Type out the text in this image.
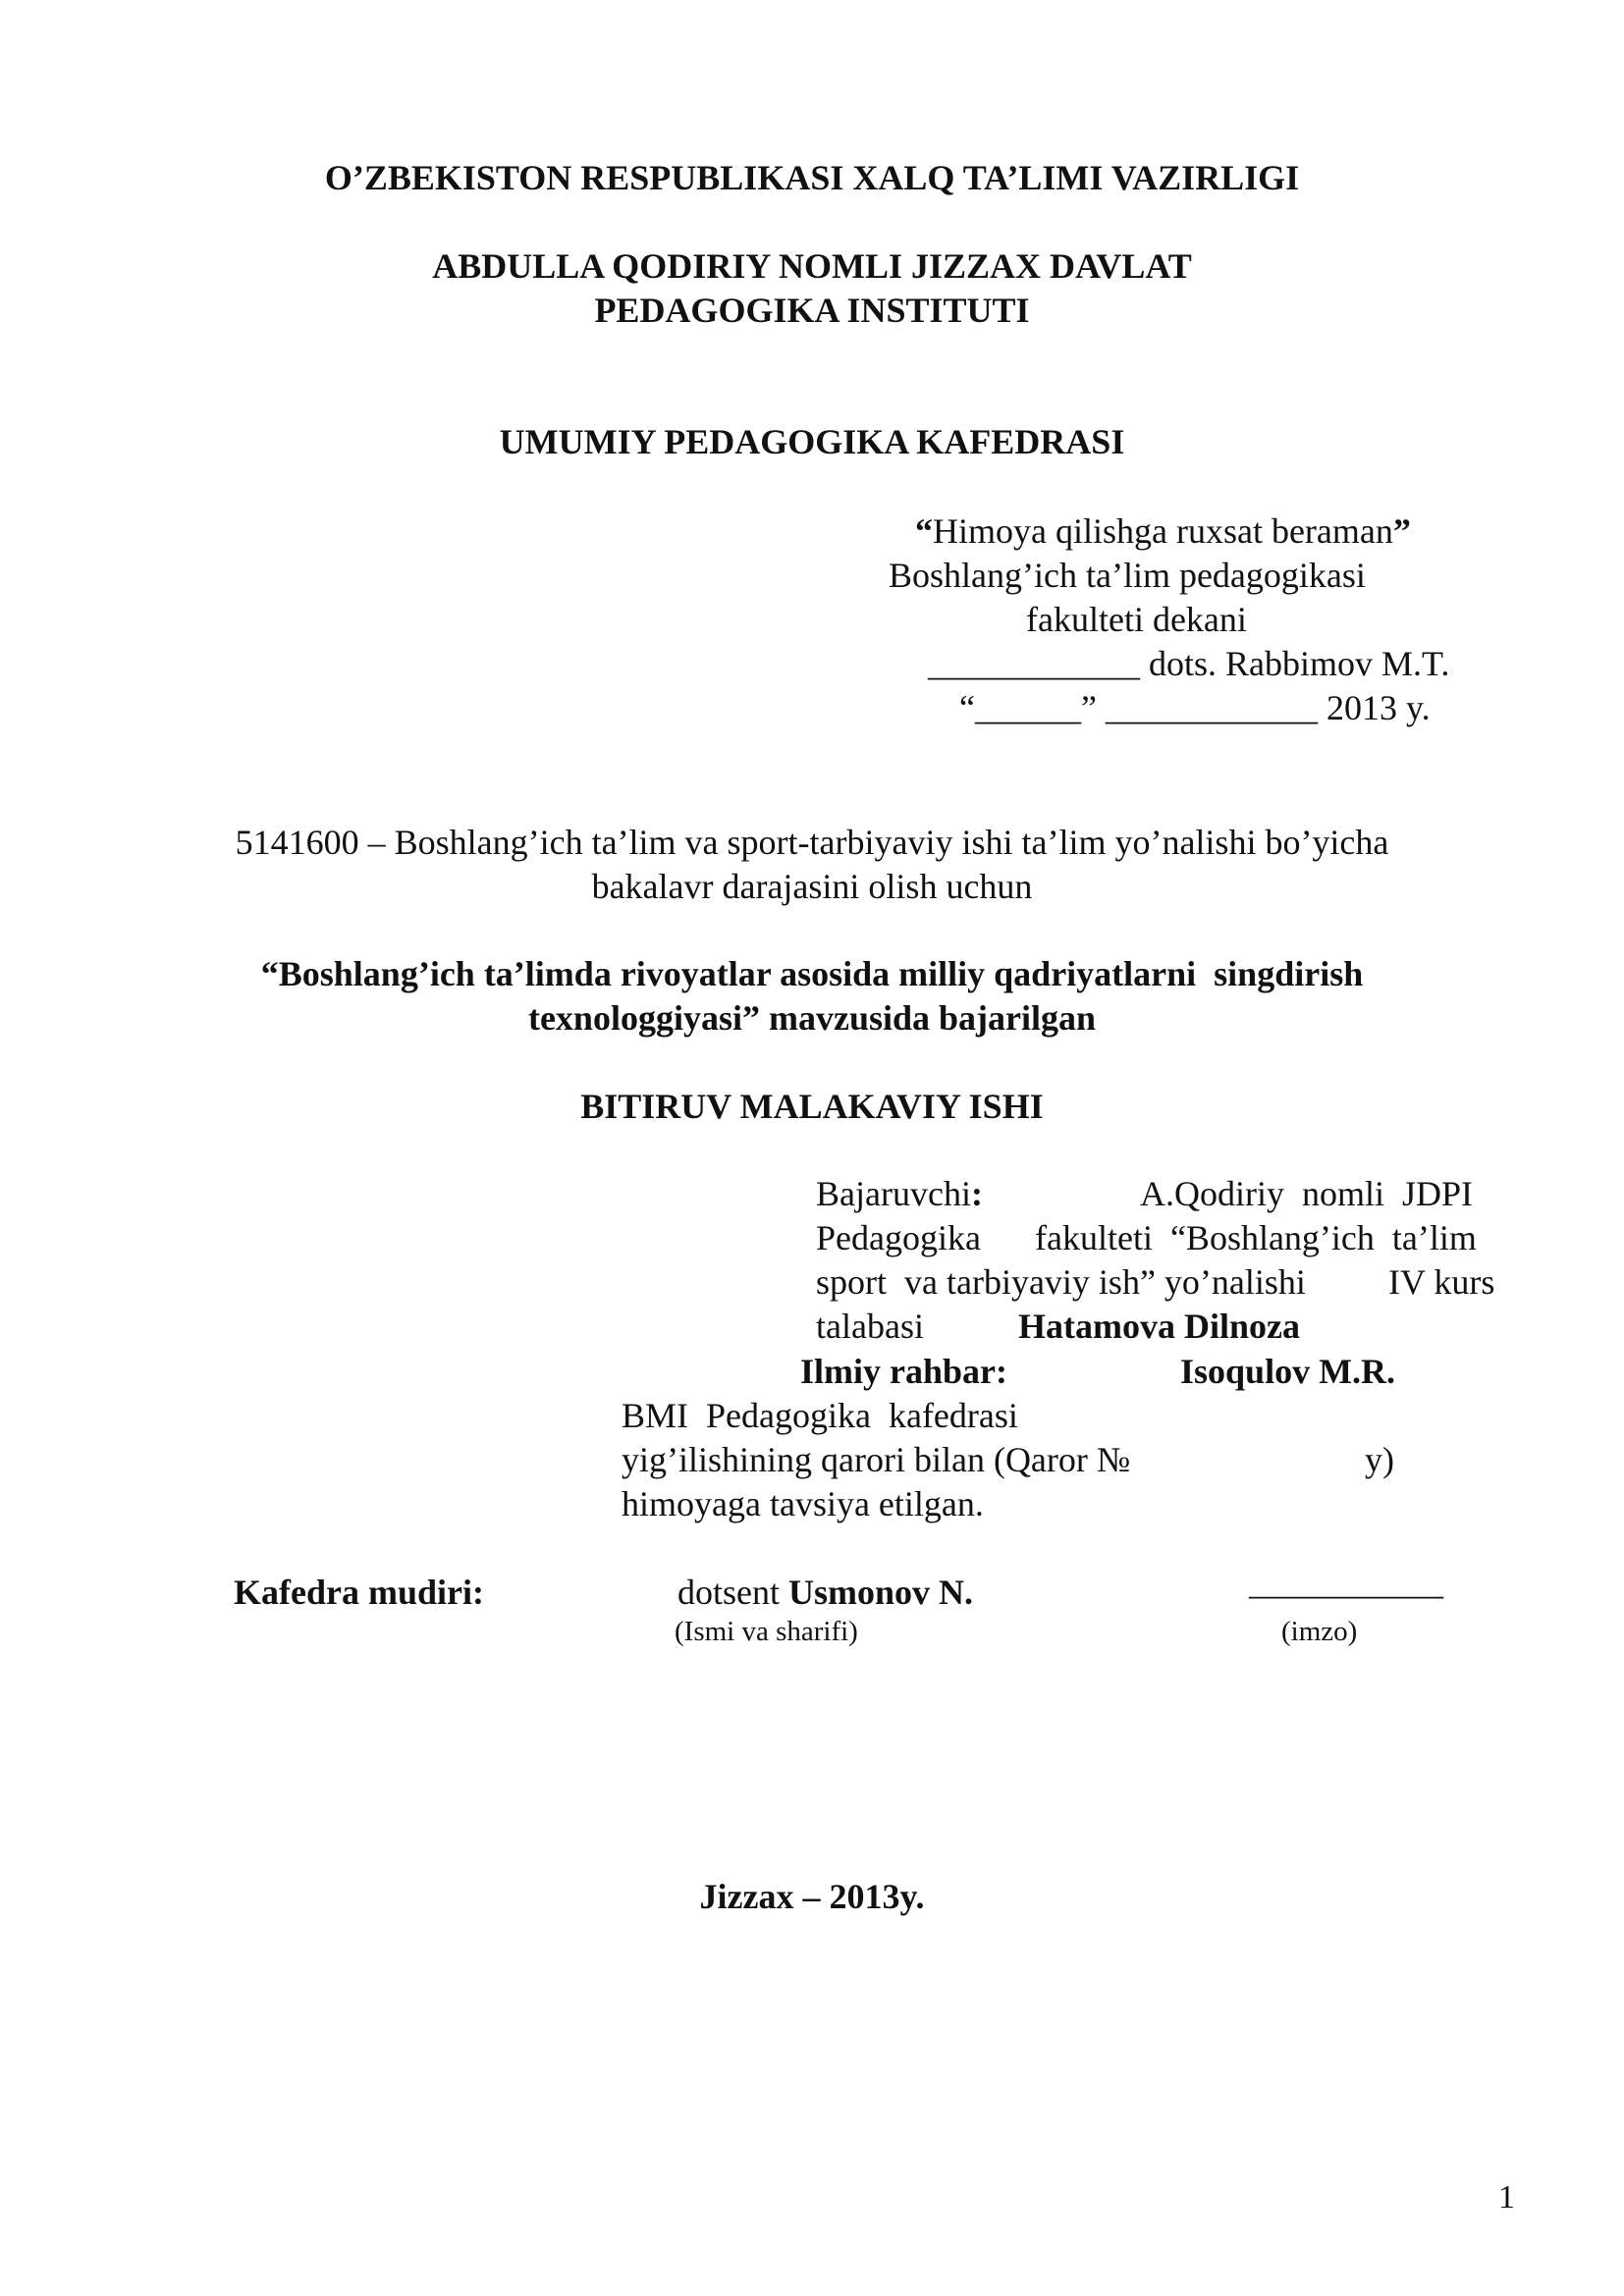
O’ZBEKISTON RESPUBLIKASI XALQ TA’LIMI VAZIRLIGI
ABDULLA QODIRIY NOMLI JIZZAX DAVLAT
PEDAGOGIKA INSTITUTI
UMUMIY PEDAGOGIKA KAFEDRASI
“Himoya qilishga ruxsat beraman”
Boshlang’ich ta’lim pedagogikasi
fakulteti dekani
____________ dots. Rabbimov M.T.
“______” ____________ 2013 y.
5141600 – Boshlang’ich ta’lim va sport-tarbiyaviy ishi ta’lim yo’nalishi bo’yicha
bakalavr darajasini olish uchun
“Boshlang’ich ta’limda rivoyatlar asosida milliy qadriyatlarni  singdirish
texnologgiyasi” mavzusida bajarilgan
BITIRUV MALAKAVIY ISHI
Bajaruvchi:	A.Qodiriy  nomli  JDPI
Pedagogika fakulteti  “Boshlang’ich  ta’lim
sport  va tarbiyaviy ish” yo’nalishi IV kurs
talabasi	Hatamova Dilnoza
Ilmiy rahbar:	Isoqulov M.R.
BMI  Pedagogika  kafedrasi
yig’ilishining qarori bilan (Qaror №	y)
himoyaga tavsiya etilgan.
Kafedra mudiri:	dotsent Usmonov N.	___________
(Ismi va sharifi)	(imzo)
Jizzax – 2013y.
1
